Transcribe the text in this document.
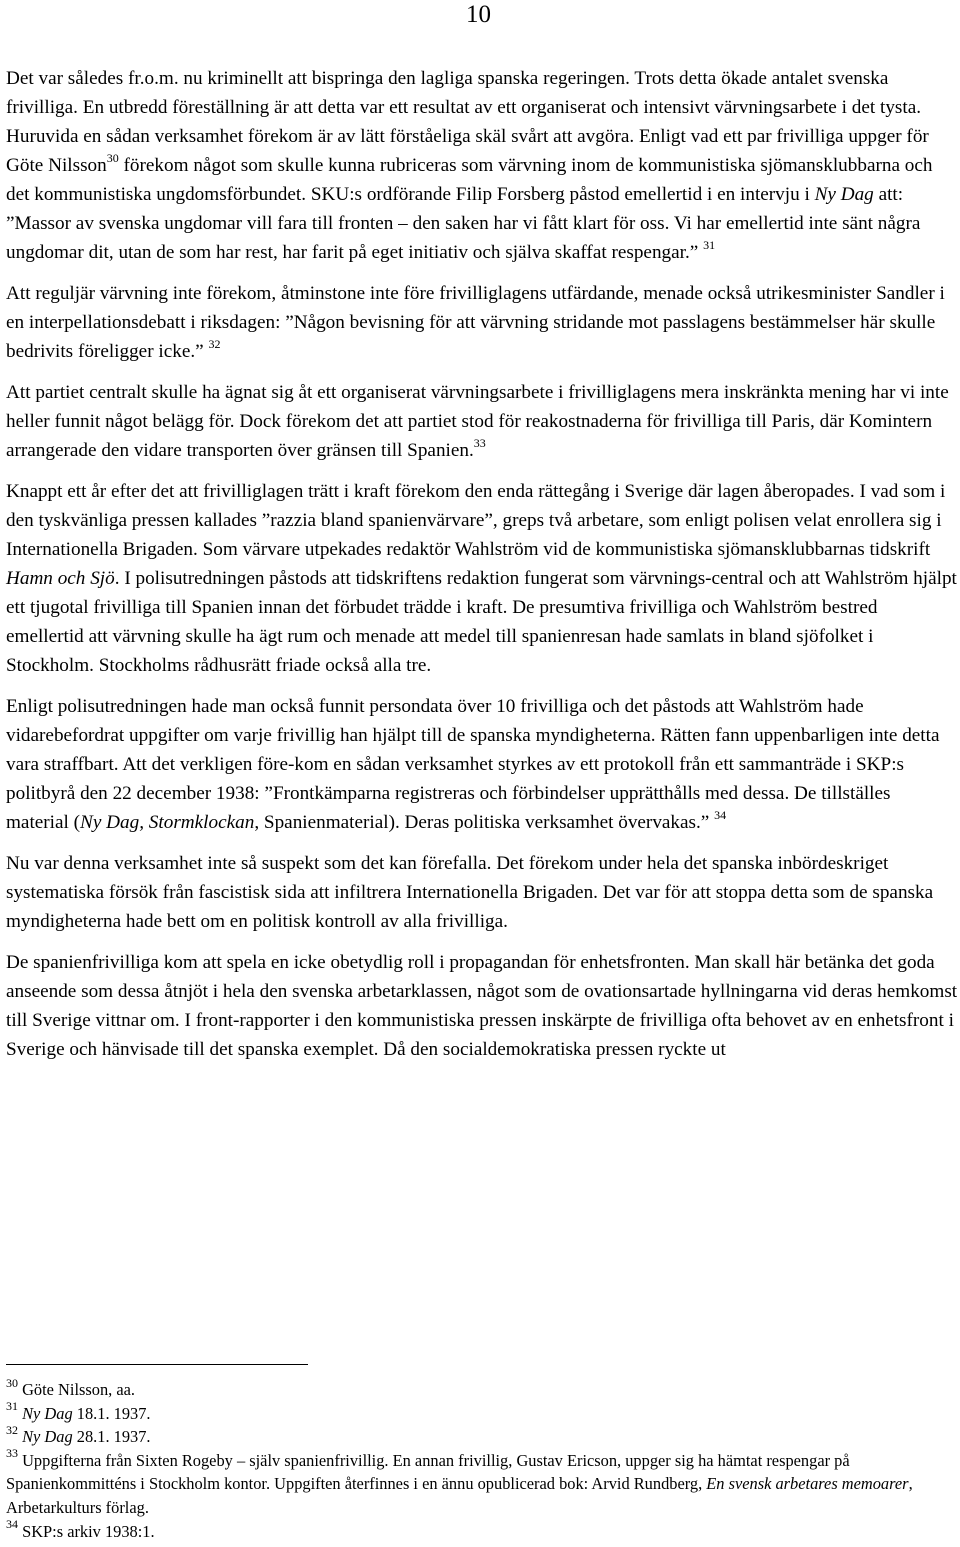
10

Det var således fr.o.m. nu kriminellt att bispringa den lagliga spanska regeringen. Trots detta ökade antalet svenska frivilliga. En utbredd föreställning är att detta var ett resultat av ett organiserat och intensivt värvningsarbete i det tysta. Huruvida en sådan verksamhet förekom är av lätt förståeliga skäl svårt att avgöra. Enligt vad ett par frivilliga uppger för Göte Nilsson$^{30}$ förekom något som skulle kunna rubriceras som värvning inom de kommunistiska sjömansklubbarna och det kommunistiska ungdomsförbundet. SKU:s ordförande Filip Forsberg påstod emellertid i en intervju i Ny Dag att: ”Massor av svenska ungdomar vill fara till fronten – den saken har vi fått klart för oss. Vi har emellertid inte sänt några ungdomar dit, utan de som har rest, har farit på eget initiativ och själva skaffat respengar.” $^{31}$

Att reguljär värvning inte förekom, åtminstone inte före frivilliglagens utfärdande, menade också utrikesminister Sandler i en interpellationsdebatt i riksdagen: ”Någon bevisning för att värvning stridande mot passlagens bestämmelser här skulle bedrivits föreligger icke.” $^{32}$

Att partiet centralt skulle ha ägnat sig åt ett organiserat värvningsarbete i frivilliglagens mera inskränkta mening har vi inte heller funnit något belägg för. Dock förekom det att partiet stod för reakostnaderna för frivilliga till Paris, där Komintern arrangerade den vidare transporten över gränsen till Spanien.$^{33}$

Knappt ett år efter det att frivilliglagen trätt i kraft förekom den enda rättegång i Sverige där lagen åberopades. I vad som i den tyskvänliga pressen kallades ”razzia bland spanienvärvare”, greps två arbetare, som enligt polisen velat enrollera sig i Internationella Brigaden. Som värvare utpekades redaktör Wahlström vid de kommunistiska sjömansklubbarnas tidskrift Hamn och Sjö. I polisutredningen påstods att tidskriftens redaktion fungerat som värvnings-central och att Wahlström hjälpt ett tjugotal frivilliga till Spanien innan det förbudet trädde i kraft. De presumtiva frivilliga och Wahlström bestred emellertid att värvning skulle ha ägt rum och menade att medel till spanienresan hade samlats in bland sjöfolket i Stockholm. Stockholms rådhusrätt friade också alla tre.

Enligt polisutredningen hade man också funnit persondata över 10 frivilliga och det påstods att Wahlström hade vidarebefordrat uppgifter om varje frivillig han hjälpt till de spanska myndigheterna. Rätten fann uppenbarligen inte detta vara straffbart. Att det verkligen före-kom en sådan verksamhet styrkes av ett protokoll från ett sammanträde i SKP:s politbyrå den 22 december 1938: ”Frontkämparna registreras och förbindelser upprätthålls med dessa. De tillställes material (Ny Dag, Stormklockan, Spanienmaterial). Deras politiska verksamhet övervakas.” $^{34}$

Nu var denna verksamhet inte så suspekt som det kan förefalla. Det förekom under hela det spanska inbördeskriget systematiska försök från fascistisk sida att infiltrera Internationella Brigaden. Det var för att stoppa detta som de spanska myndigheterna hade bett om en politisk kontroll av alla frivilliga.

De spanienfrivilliga kom att spela en icke obetydlig roll i propagandan för enhetsfronten. Man skall här betänka det goda anseende som dessa åtnjöt i hela den svenska arbetarklassen, något som de ovationsartade hyllningarna vid deras hemkomst till Sverige vittnar om. I front-rapporter i den kommunistiska pressen inskärpte de frivilliga ofta behovet av en enhetsfront i Sverige och hänvisade till det spanska exemplet. Då den socialdemokratiska pressen ryckte ut

$^{30}$ Göte Nilsson, aa.

$^{31}$ Ny Dag 18.1. 1937.

$^{32}$ Ny Dag 28.1. 1937.

$^{33}$ Uppgifterna från Sixten Rogeby – själv spanienfrivillig. En annan frivillig, Gustav Ericson, uppger sig ha hämtat respengar på Spanienkommitténs i Stockholm kontor. Uppgiften återfinnes i en ännu opublicerad bok: Arvid Rundberg, En svensk arbetares memoarer, Arbetarkulturs förlag.

$^{34}$ SKP:s arkiv 1938:1.
